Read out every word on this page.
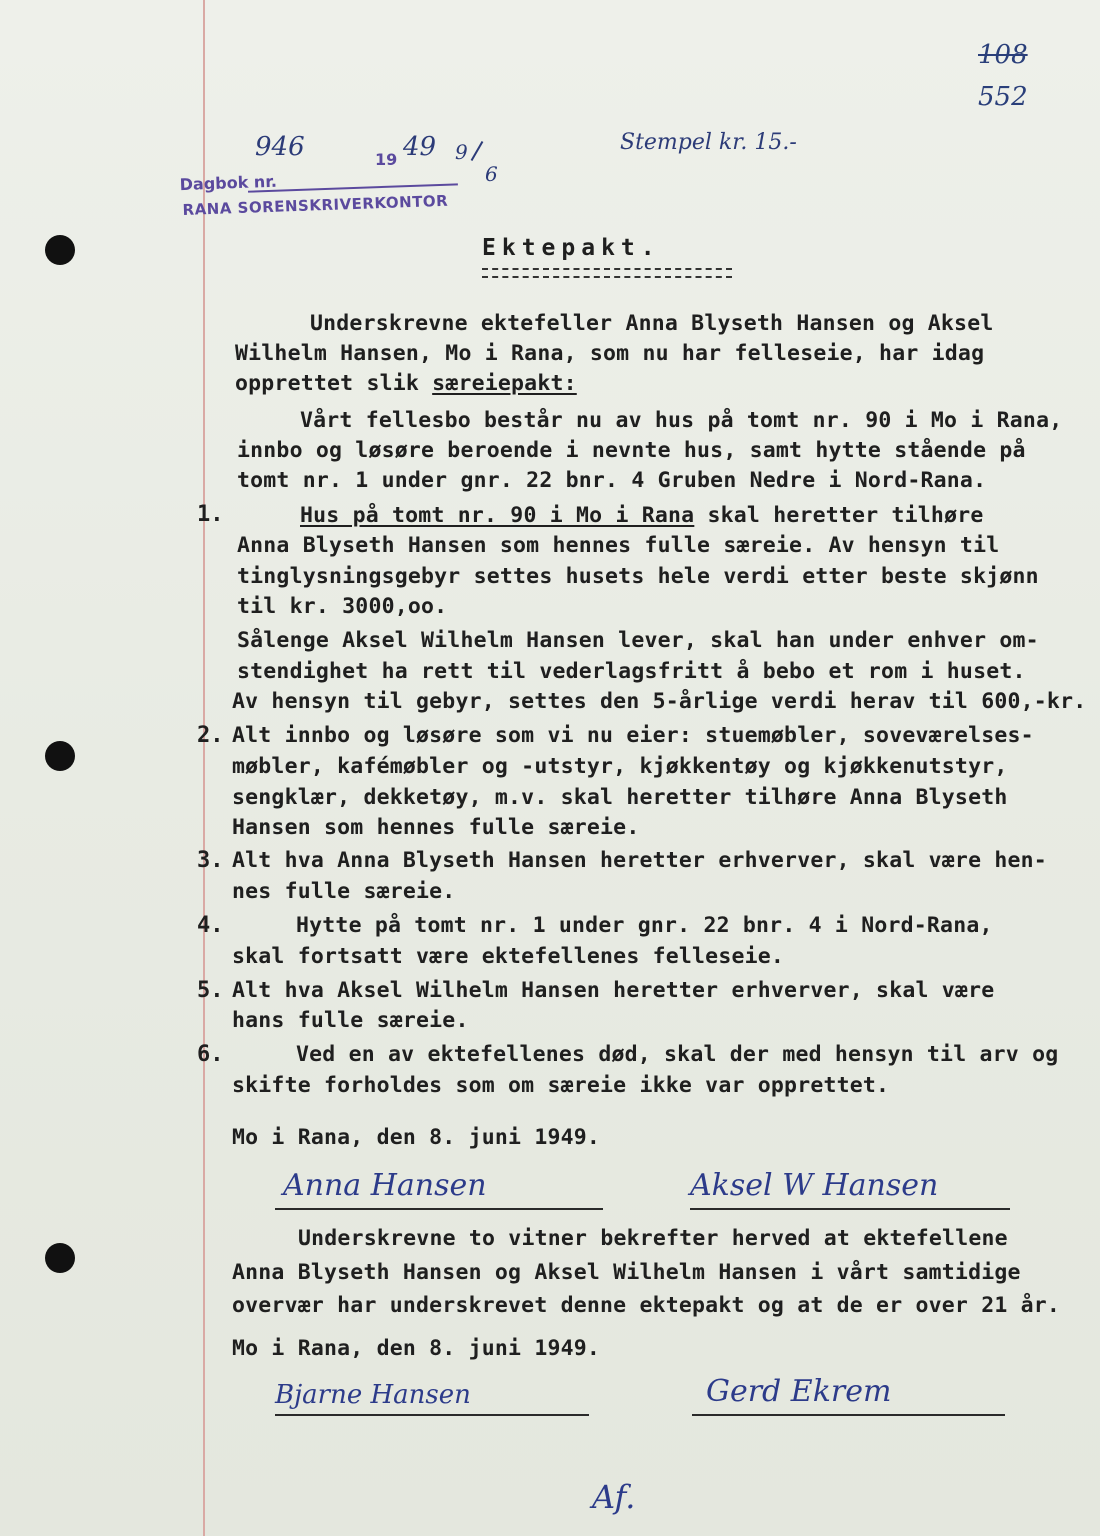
108
552
Dagbok nr.
RANA SORENSKRIVERKONTOR
946	19 49 9
6
Stempel kr. 15.-
Ektepakt.
Underskrevne ektefeller Anna Blyseth Hansen og Aksel
Wilhelm Hansen, Mo i Rana, som nu har felleseie, har idag
opprettet slik særeiepakt:
Vårt fellesbo består nu av hus på tomt nr. 90 i Mo i Rana,
innbo og løsøre beroende i nevnte hus, samt hytte stående på
tomt nr. 1 under gnr. 22 bnr. 4 Gruben Nedre i Nord-Rana.
1.	Hus på tomt nr. 90 i Mo i Rana skal heretter tilhøre
Anna Blyseth Hansen som hennes fulle særeie. Av hensyn til
tinglysningsgebyr settes husets hele verdi etter beste skjønn
til kr. 3000,oo.
Sålenge Aksel Wilhelm Hansen lever, skal han under enhver om-
stendighet ha rett til vederlagsfritt å bebo et rom i huset.
Av hensyn til gebyr, settes den 5-årlige verdi herav til 600,-kr.
2. Alt innbo og løsøre som vi nu eier: stuemøbler, soveværelses-
møbler, kafémøbler og -utstyr, kjøkkentøy og kjøkkenutstyr,
sengklær, dekketøy, m.v. skal heretter tilhøre Anna Blyseth
Hansen som hennes fulle særeie.
3. Alt hva Anna Blyseth Hansen heretter erhverver, skal være hen-
nes fulle særeie.
4.	Hytte på tomt nr. 1 under gnr. 22 bnr. 4 i Nord-Rana,
skal fortsatt være ektefellenes felleseie.
5. Alt hva Aksel Wilhelm Hansen heretter erhverver, skal være
hans fulle særeie.
6.	Ved en av ektefellenes død, skal der med hensyn til arv og
skifte forholdes som om særeie ikke var opprettet.
Mo i Rana, den 8. juni 1949.
Anna Hansen	Aksel W Hansen
Underskrevne to vitner bekrefter herved at ektefellene
Anna Blyseth Hansen og Aksel Wilhelm Hansen i vårt samtidige
overvær har underskrevet denne ektepakt og at de er over 21 år.
Mo i Rana, den 8. juni 1949.
Bjarne Hansen	Gerd Ekrem
Af.
